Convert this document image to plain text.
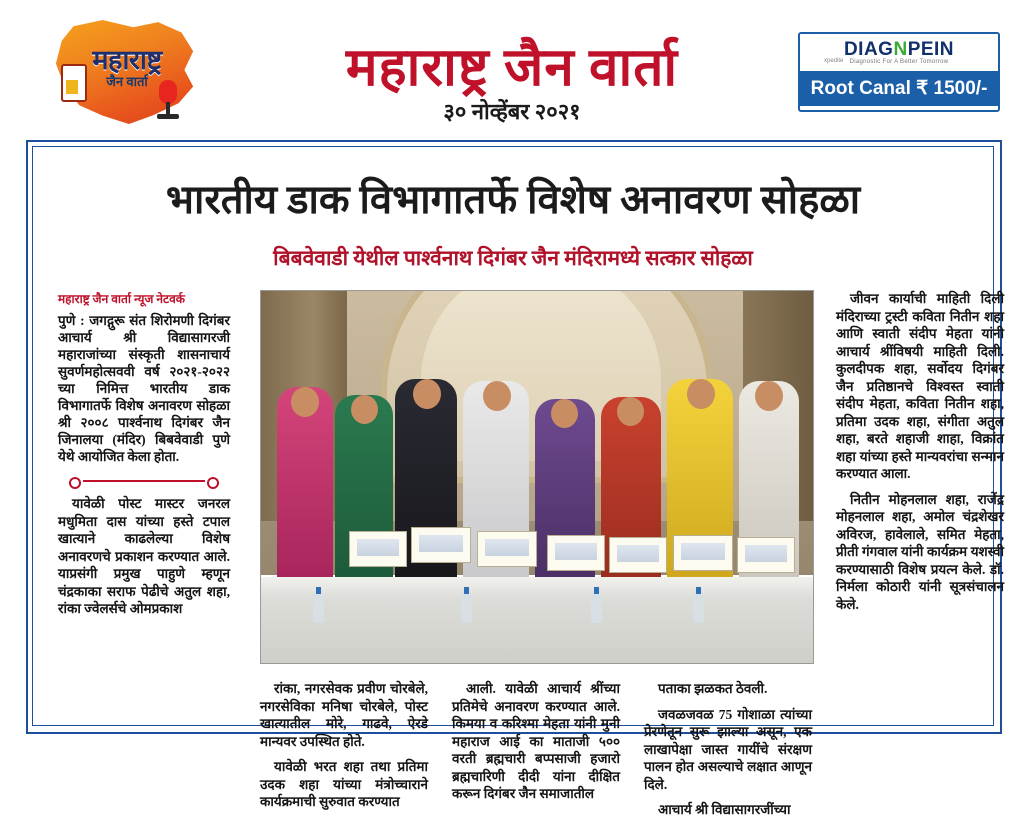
महाराष्ट्र
जैन वार्ता	महाराष्ट्र जैन वार्ता
३० नोव्हेंबर २०२१
DIAGNPEIN
xpedite	Diagnostic For A Better Tomorrow
Root Canal ₹ 1500/-
भारतीय डाक विभागातर्फे विशेष अनावरण सोहळा
बिबवेवाडी येथील पार्श्वनाथ दिगंबर जैन मंदिरामध्ये सत्कार सोहळा
महाराष्ट्र जैन वार्ता न्यूज नेटवर्क
पुणे : जगद्गुरू संत शिरोमणी दिगंबर आचार्य श्री विद्यासागरजी महाराजांच्या संस्कृती शासनाचार्य सुवर्णमहोत्सववी वर्ष २०२१-२०२२ च्या निमित्त भारतीय डाक विभागातर्फे विशेष अनावरण सोहळा श्री २००८ पार्श्वनाथ दिगंबर जैन जिनालया (मंदिर) बिबवेवाडी पुणे येथे आयोजित केला होता.

यावेळी पोस्ट मास्टर जनरल मधुमिता दास यांच्या हस्ते टपाल खात्याने काढलेल्या विशेष अनावरणचे प्रकाशन करण्यात आले. याप्रसंगी प्रमुख पाहुणे म्हणून चंद्रकाका सराफ पेढीचे अतुल शहा, रांका ज्वेलर्सचे ओमप्रकाश

जीवन कार्याची माहिती दिली मंदिराच्या ट्रस्टी कविता नितीन शहा आणि स्वाती संदीप मेहता यांनी आचार्य श्रींविषयी माहिती दिली. कुलदीपक शहा, सर्वोदय दिगंबर जैन प्रतिष्ठानचे विश्वस्त स्वाती संदीप मेहता, कविता नितीन शहा, प्रतिमा उदक शहा, संगीता अतुल शहा, बरते शहाजी शाहा, विक्रांत शहा यांच्या हस्ते मान्यवरांचा सन्मान करण्यात आला.

नितीन मोहनलाल शहा, राजेंद्र मोहनलाल शहा, अमोल चंद्रशेखर अविरज, हावेलाले, समित मेहता, प्रीती गंगवाल यांनी कार्यक्रम यशस्वी करण्यासाठी विशेष प्रयत्न केले. डॉ. निर्मला कोठारी यांनी सूत्रसंचालन केले.

रांका, नगरसेवक प्रवीण चोरबेले, नगरसेविका मनिषा चोरबेले, पोस्ट खात्यातील मोरे, गाढवे, ऐरडे मान्यवर उपस्थित होते.

यावेळी भरत शहा तथा प्रतिमा उदक शहा यांच्या मंत्रोच्चाराने कार्यक्रमाची सुरुवात करण्यात

आली. यावेळी आचार्य श्रींच्या प्रतिमेचे अनावरण करण्यात आले. किमया व करिश्मा मेहता यांनी मुनी महाराज आई का माताजी ५०० वरती ब्रह्मचारी बप्पसाजी हजारो ब्रह्मचारिणी दीदी यांना दीक्षित करून दिगंबर जैन समाजातील

पताका झळकत ठेवली.

जवळजवळ 75 गोशाळा त्यांच्या प्रेरणेतून सुरू झाल्या असून, एक लाखापेक्षा जास्त गायींचे संरक्षण पालन होत असल्याचे लक्षात आणून दिले.

आचार्य श्री विद्यासागरजींच्या
